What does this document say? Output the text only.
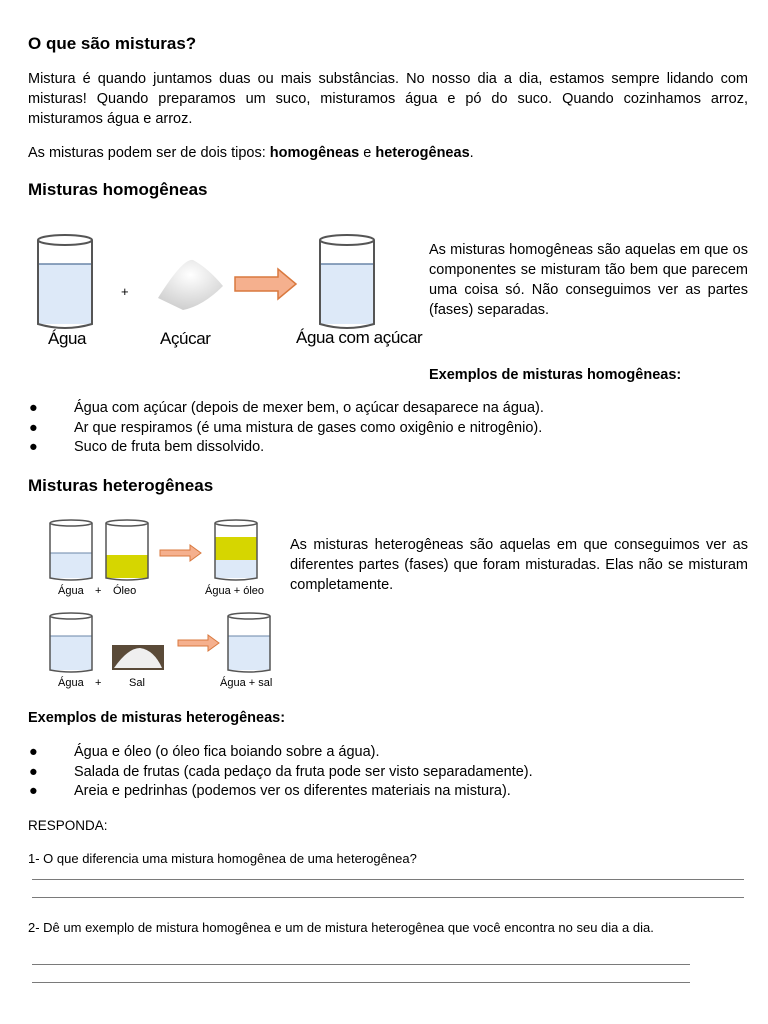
O que são misturas?

Mistura é quando juntamos duas ou mais substâncias. No nosso dia a dia, estamos sempre lidando com misturas! Quando preparamos um suco, misturamos água e pó do suco. Quando cozinhamos arroz, misturamos água e arroz.

As misturas podem ser de dois tipos: homogêneas e heterogêneas.

Misturas homogêneas
+
Água	Açúcar	Água com açúcar

As misturas homogêneas são aquelas em que os componentes se misturam tão bem que parecem uma coisa só. Não conseguimos ver as partes (fases) separadas.

Exemplos de misturas homogêneas:

● Água com açúcar (depois de mexer bem, o açúcar desaparece na água).
● Ar que respiramos (é uma mistura de gases como oxigênio e nitrogênio).
● Suco de fruta bem dissolvido.
Misturas heterogêneas
Água + Óleo	Água + óleo
Água +	Sal	Água + sal

As misturas heterogêneas são aquelas em que conseguimos ver as diferentes partes (fases) que foram misturadas. Elas não se misturam completamente.

Exemplos de misturas heterogêneas:

● Água e óleo (o óleo fica boiando sobre a água).
● Salada de frutas (cada pedaço da fruta pode ser visto separadamente).
● Areia e pedrinhas (podemos ver os diferentes materiais na mistura).

RESPONDA:

1- O que diferencia uma mistura homogênea de uma heterogênea?

2- Dê um exemplo de mistura homogênea e um de mistura heterogênea que você encontra no seu dia a dia.
